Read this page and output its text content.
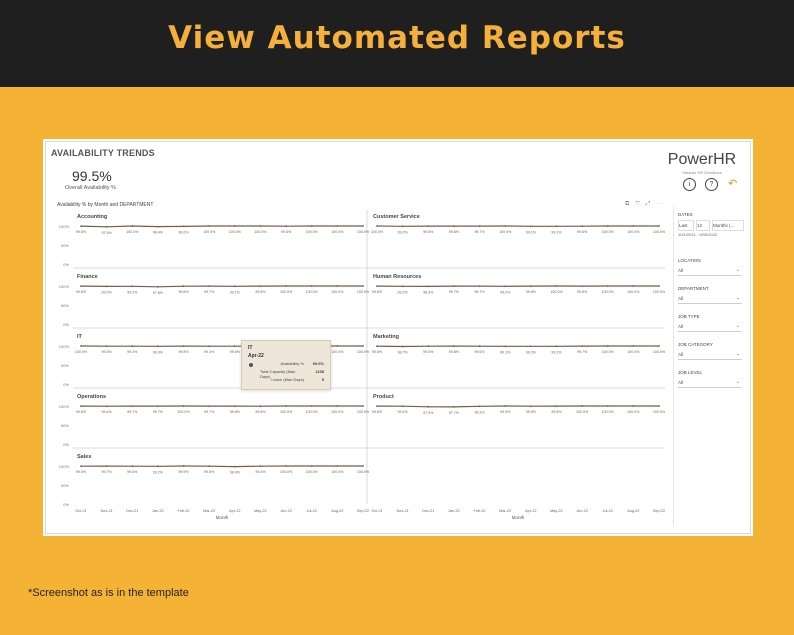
View Automated Reports
AVAILABILITY TRENDS
99.5%
Overall Availability %
PowerHR
Smarter HR Decisions
i	?	↶
Availability % by Month and DEPARTMENT	⧉ ▽ ⤢ ⋯
Accounting
100%
50%
0%
99.8%	97.9%	100.0%	98.4%	99.0%	100.0%	100.0%	100.0%	99.5%	100.0%	100.0%	100.0%
Customer Service
100.0%	99.2%	99.8%	99.8%	99.7%	100.0%	99.1%	99.1%	99.6%	100.0%	100.0%	100.0%
Finance
100%
50%
0%
99.8%	99.0%	99.2%	97.8%	99.6%	99.7%	99.1%	99.8%	100.0%	100.0%	100.0%	100.0%
Human Resources
99.8%	99.2%	98.9%	99.7%	99.7%	99.2%	99.8%	100.0%	99.8%	100.0%	100.0%	100.0%
IT
100%
50%
0%
100.0%	99.5%	99.4%	99.3%	99.8%	99.4%	99.6%	100.0%	100.0%
Marketing
99.6%	98.7%	99.5%	99.8%	99.6%	99.1%	99.3%	99.2%	99.7%	100.0%	100.0%	100.0%
Operations
100%
50%
0%
99.8%	99.4%	99.7%	99.7%	100.0%	99.7%	99.8%	99.6%	100.0%	100.0%	100.0%	100.0%
Product
99.8%	99.4%	97.9%	97.7%	99.3%	99.9%	99.5%	99.8%	100.0%	100.0%	100.0%	100.0%
Sales
100%
50%
0%
99.5%	99.7%	99.6%	99.2%	99.9%	99.6%	98.4%	99.4%	100.0%	100.0%	100.0%	100.0%
Oct-21	Nov-21	Dec-21	Jan-22	Feb-22	Mar-22	Apr-22	May-22	Jun-22	Jul-22	Aug-22	Sep-22
Month
Oct-21	Nov-21	Dec-21	Jan-22	Feb-22	Mar-22	Apr-22	May-22	Jun-22	Jul-22	Aug-22	Sep-22
Month
IT
Apr-22
Availability % 99.6%
Total Capacity (Man Days)
1158
Leave (Man Days)	5
DATES
Last	12	Months (...
10/1/2021 - 9/30/2022
LOCATION
All	⌄
DEPARTMENT
All	⌄
JOB TYPE
All	⌄
JOB CATEGORY
All	⌄
JOB LEVEL
All	⌄
*Screenshot as is in the template
